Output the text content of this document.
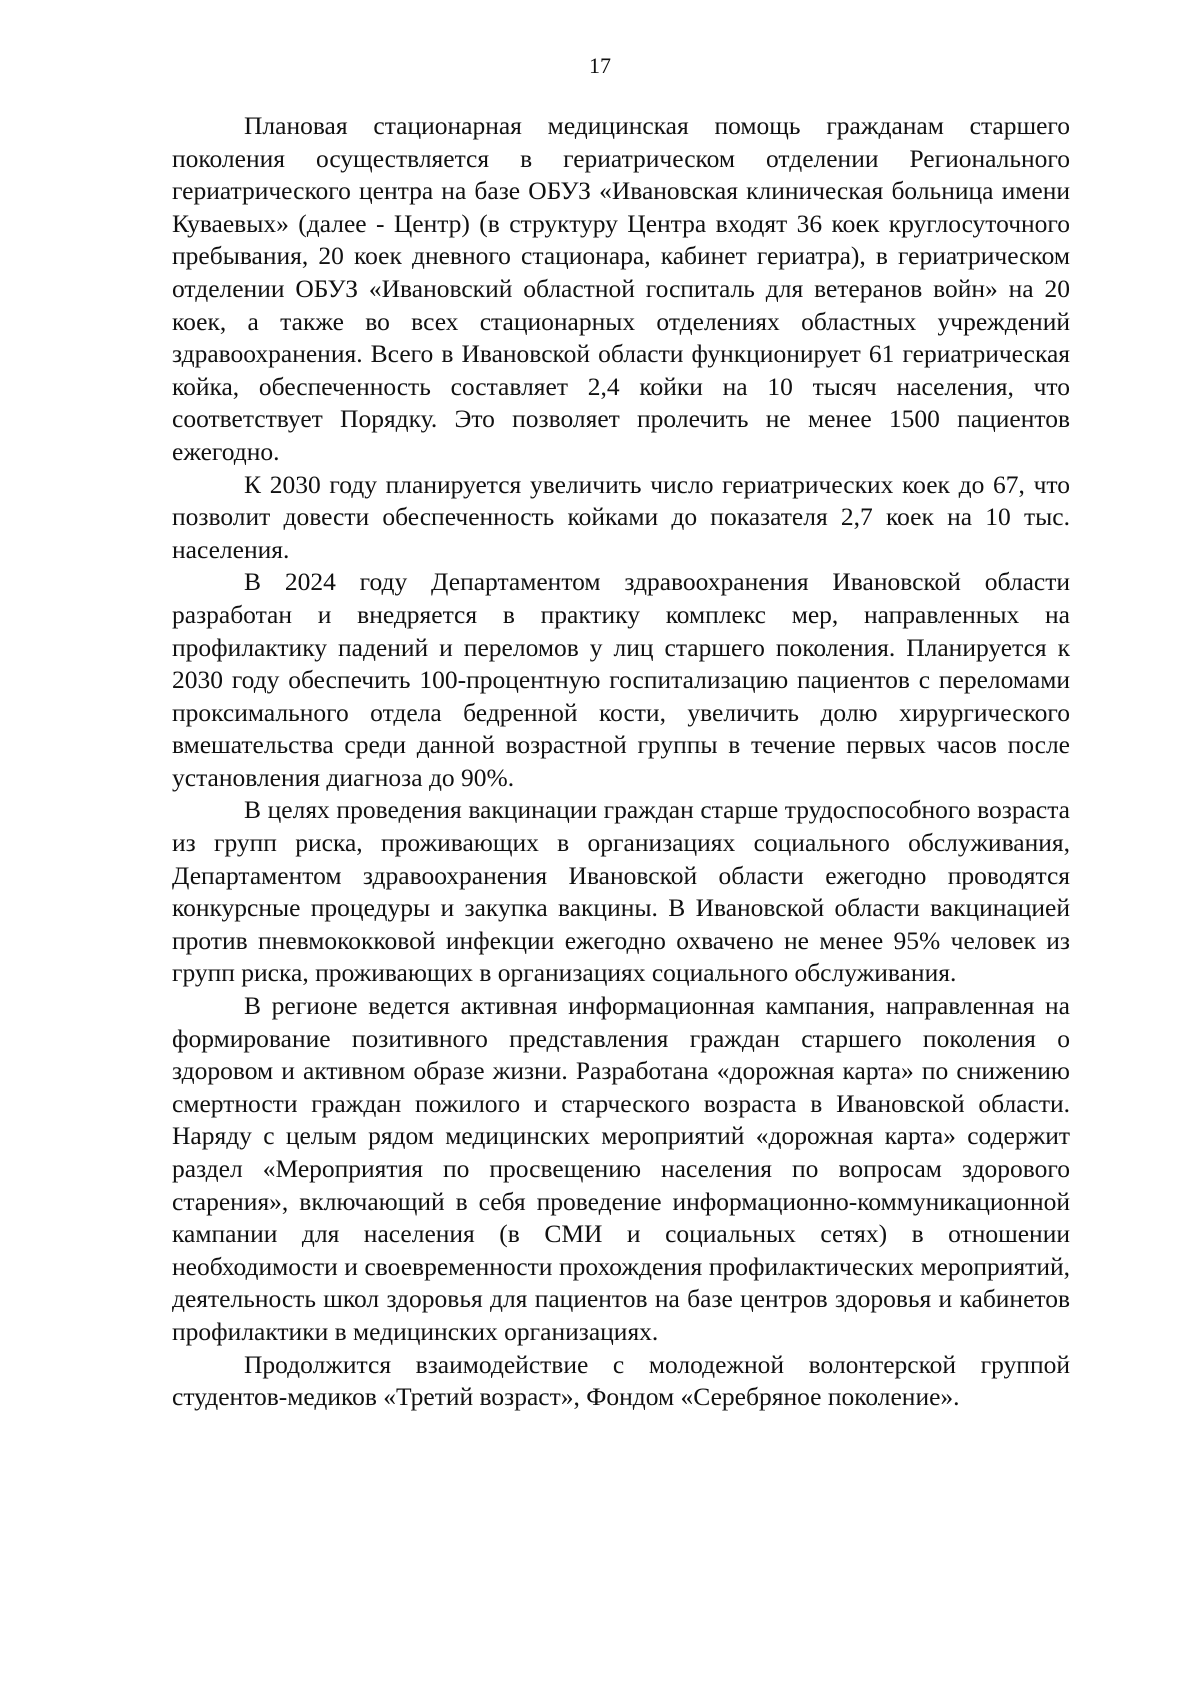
17

Плановая стационарная медицинская помощь гражданам старшего поколения осуществляется в гериатрическом отделении Регионального гериатрического центра на базе ОБУЗ «Ивановская клиническая больница имени Куваевых» (далее - Центр) (в структуру Центра входят 36 коек круглосуточного пребывания, 20 коек дневного стационара, кабинет гериатра), в гериатрическом отделении ОБУЗ «Ивановский областной госпиталь для ветеранов войн» на 20 коек, а также во всех стационарных отделениях областных учреждений здравоохранения. Всего в Ивановской области функционирует 61 гериатрическая койка, обеспеченность составляет 2,4 койки на 10 тысяч населения, что соответствует Порядку. Это позволяет пролечить не менее 1500 пациентов ежегодно.

К 2030 году планируется увеличить число гериатрических коек до 67, что позволит довести обеспеченность койками до показателя 2,7 коек на 10 тыс. населения.

В 2024 году Департаментом здравоохранения Ивановской области разработан и внедряется в практику комплекс мер, направленных на профилактику падений и переломов у лиц старшего поколения. Планируется к 2030 году обеспечить 100-процентную госпитализацию пациентов с переломами проксимального отдела бедренной кости, увеличить долю хирургического вмешательства среди данной возрастной группы в течение первых часов после установления диагноза до 90%.

В целях проведения вакцинации граждан старше трудоспособного возраста из групп риска, проживающих в организациях социального обслуживания, Департаментом здравоохранения Ивановской области ежегодно проводятся конкурсные процедуры и закупка вакцины. В Ивановской области вакцинацией против пневмококковой инфекции ежегодно охвачено не менее 95% человек из групп риска, проживающих в организациях социального обслуживания.

В регионе ведется активная информационная кампания, направленная на формирование позитивного представления граждан старшего поколения о здоровом и активном образе жизни. Разработана «дорожная карта» по снижению смертности граждан пожилого и старческого возраста в Ивановской области. Наряду с целым рядом медицинских мероприятий «дорожная карта» содержит раздел «Мероприятия по просвещению населения по вопросам здорового старения», включающий в себя проведение информационно-коммуникационной кампании для населения (в СМИ и социальных сетях) в отношении необходимости и своевременности прохождения профилактических мероприятий, деятельность школ здоровья для пациентов на базе центров здоровья и кабинетов профилактики в медицинских организациях.

Продолжится взаимодействие с молодежной волонтерской группой студентов-медиков «Третий возраст», Фондом «Серебряное поколение».
